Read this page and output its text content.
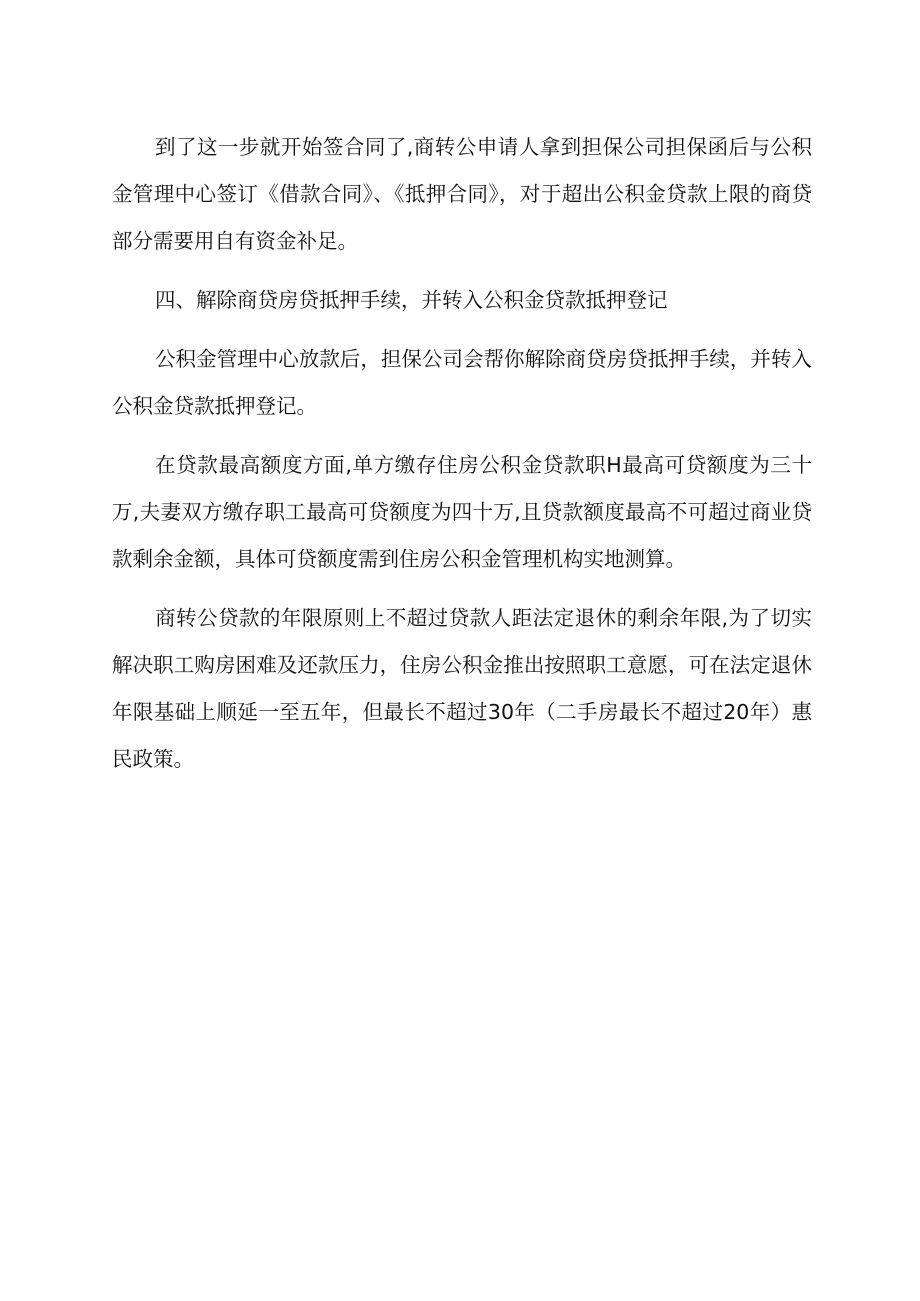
到了这一步就开始签合同了,商转公申请人拿到担保公司担保函后与公积金管理中心签订《借款合同》、《抵押合同》，对于超出公积金贷款上限的商贷部分需要用自有资金补足。

四、解除商贷房贷抵押手续，并转入公积金贷款抵押登记

公积金管理中心放款后，担保公司会帮你解除商贷房贷抵押手续，并转入公积金贷款抵押登记。

在贷款最高额度方面,单方缴存住房公积金贷款职H最高可贷额度为三十万,夫妻双方缴存职工最高可贷额度为四十万,且贷款额度最高不可超过商业贷款剩余金额，具体可贷额度需到住房公积金管理机构实地测算。

商转公贷款的年限原则上不超过贷款人距法定退休的剩余年限,为了切实解决职工购房困难及还款压力，住房公积金推出按照职工意愿，可在法定退休年限基础上顺延一至五年，但最长不超过30年（二手房最长不超过20年）惠民政策。
